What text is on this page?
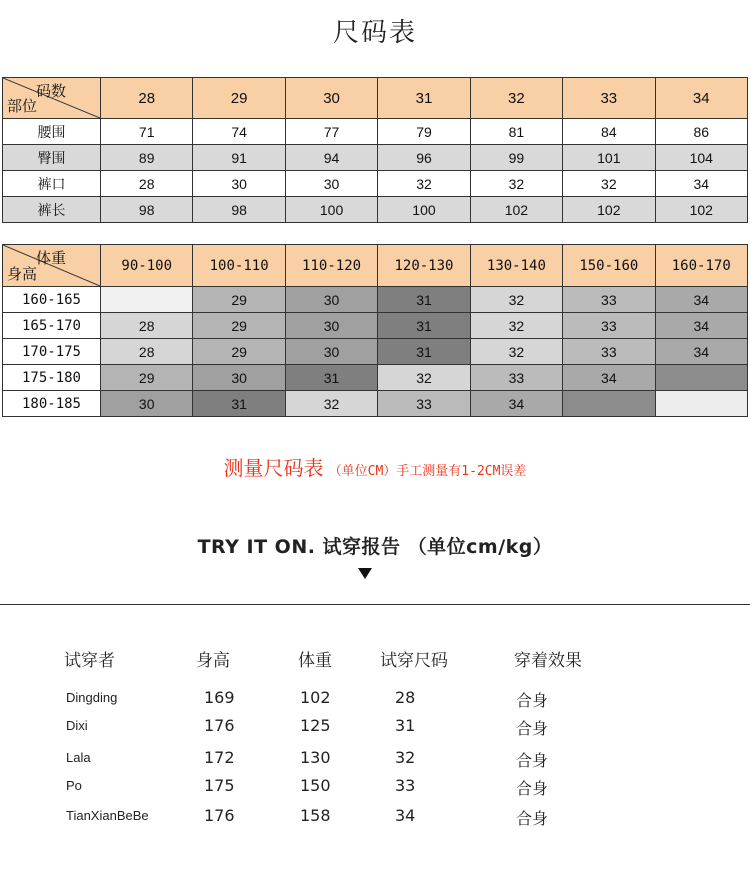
尺码表
码数
部位	28	29	30	31	32	33	34
腰围	71	74	77	79	81	84	86
臀围	89	91	94	96	99	101	104
裤口	28	30	30	32	32	32	34
裤长	98	98	100	100	102	102	102
体重
身高	90-100	100-110	110-120	120-130	130-140	150-160	160-170
160-165		29	30	31	32	33	34
165-170	28	29	30	31	32	33	34
170-175	28	29	30	31	32	33	34
175-180	29	30	31	32	33	34	
180-185	30	31	32	33	34		
测量尺码表 （单位CM）手工测量有1-2CM误差
TRY IT ON. 试穿报告 （单位cm/kg）
试穿者	身高	体重	试穿尺码	穿着效果
Dingding	169	102	28	合身
Dixi	176	125	31	合身
Lala	172	130	32	合身
Po	175	150	33	合身
TianXianBeBe	176	158	34	合身
